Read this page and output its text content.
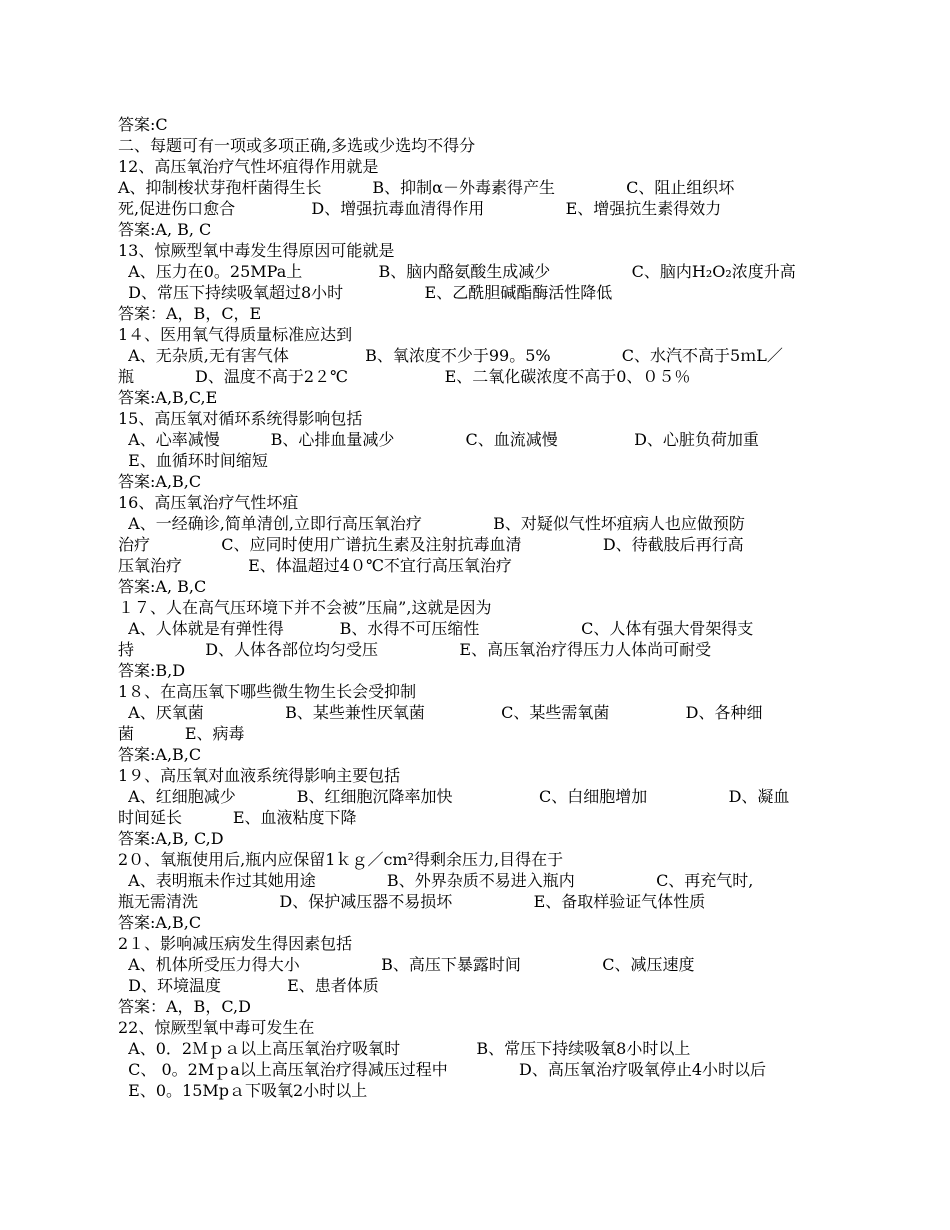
答案:C
二、每题可有一项或多项正确,多选或少选均不得分
12、高压氧治疗气性坏疽得作用就是
A、抑制梭状芽孢杆菌得生长          B、抑制α－外毒素得产生              C、阻止组织坏
死,促进伤口愈合               D、增强抗毒血清得作用                E、增强抗生素得效力
答案:A, B, C
13、惊厥型氧中毒发生得原因可能就是
A、压力在0。25MPa上               B、脑内酪氨酸生成减少                C、脑内H₂O₂浓度升高
D、常压下持续吸氧超过8小时                E、乙酰胆碱酯酶活性降低
答案：A，B，C，E
1４、医用氧气得质量标准应达到
A、无杂质,无有害气体               B、氧浓度不少于99。5%              C、水汽不高于5ｍL／
瓶            D、温度不高于2２℃                   E、二氧化碳浓度不高于0、０５％
答案:A,B,C,E
15、高压氧对循环系统得影响包括
A、心率减慢          B、心排血量减少              C、血流减慢               D、心脏负荷加重
E、血循环时间缩短
答案:A,B,C
16、高压氧治疗气性坏疽
A、一经确诊,简单清创,立即行高压氧治疗              B、对疑似气性坏疽病人也应做预防
治疗              C、应同时使用广谱抗生素及注射抗毒血清                D、待截肢后再行高
压氧治疗             E、体温超过4０℃不宜行高压氧治疗
答案:A, B,C
１７、人在高气压环境下并不会被”压扁”,这就是因为
A、人体就是有弹性得           B、水得不可压缩性                    C、人体有强大骨架得支
持              D、人体各部位均匀受压                E、高压氧治疗得压力人体尚可耐受
答案:B,D
1８、在高压氧下哪些微生物生长会受抑制
A、厌氧菌                B、某些兼性厌氧菌               C、某些需氧菌               D、各种细
菌          E、病毒
答案:A,B,C
1９、高压氧对血液系统得影响主要包括
A、红细胞减少            B、红细胞沉降率加快                 C、白细胞增加                D、凝血
时间延长          E、血液粘度下降
答案:A,B, C,D
2０、氧瓶使用后,瓶内应保留1ｋｇ／cm²得剩余压力,目得在于
A、表明瓶未作过其她用途              B、外界杂质不易进入瓶内                C、再充气时,
瓶无需清洗                D、保护减压器不易损坏                E、备取样验证气体性质
答案:A,B,C
2１、影响减压病发生得因素包括
A、机体所受压力得大小                B、高压下暴露时间                C、减压速度
D、环境温度             E、患者体质
答案：A，B，C,D
22、惊厥型氧中毒可发生在
A、0．2Ｍｐａ以上高压氧治疗吸氧时               B、常压下持续吸氧8小时以上
C、 0。2Mｐa以上高压氧治疗得减压过程中              D、高压氧治疗吸氧停止4小时以后
E、0。15Mpａ下吸氧2小时以上
